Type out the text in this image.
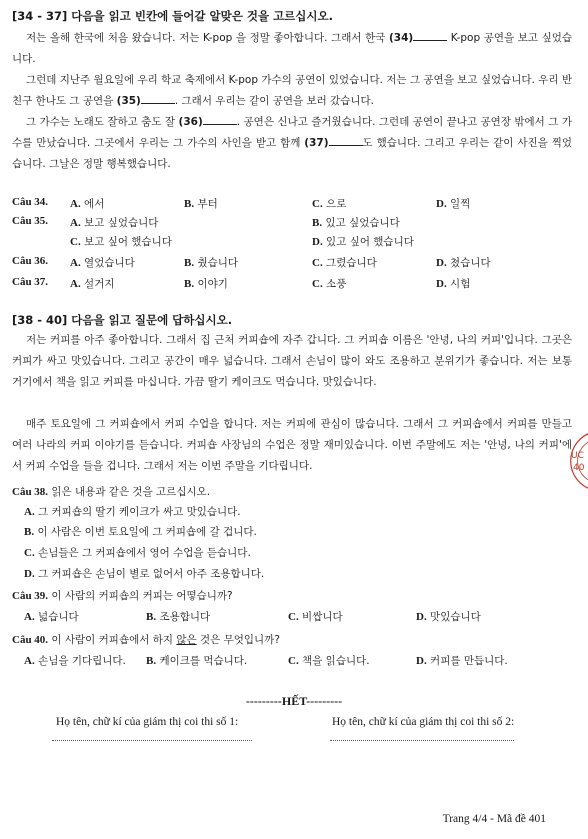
[34 - 37] 다음을 읽고 빈칸에 들어갈 알맞은 것을 고르십시오.
저는 올해 한국에 처음 왔습니다. 저는 K-pop 을 정말 좋아합니다. 그래서 한국 (34)	K-pop 공연을 보고 싶었습니다.
그런데 지난주 월요일에 우리 학교 축제에서 K-pop 가수의 공연이 있었습니다. 저는 그 공연을 보고 싶었습니다. 우리 반 친구 한나도 그 공연을 (35)	. 그래서 우리는 같이 공연을 보러 갔습니다.
그 가수는 노래도 잘하고 춤도 잘 (36)	. 공연은 신나고 즐거웠습니다. 그런데 공연이 끝나고 공연장 밖에서 그 가수를 만났습니다. 그곳에서 우리는 그 가수의 사인을 받고 함께 (37)	도 했습니다. 그리고 우리는 같이 사진을 찍었습니다. 그날은 정말 행복했습니다.
Câu 34. A. 에서	B. 부터	C. 으로	D. 일찍
Câu 35. A. 보고 싶었습니다	B. 있고 싶었습니다
C. 보고 싶어 했습니다	D. 있고 싶어 했습니다
Câu 36. A. 열었습니다	B. 췄습니다	C. 그렸습니다	D. 쳤습니다
Câu 37. A. 설거지	B. 이야기	C. 소풍	D. 시험
[38 - 40] 다음을 읽고 질문에 답하십시오.
저는 커피를 아주 좋아합니다. 그래서 집 근처 커피숍에 자주 갑니다. 그 커피숍 이름은 '안녕, 나의 커피'입니다. 그곳은 커피가 싸고 맛있습니다. 그리고 공간이 매우 넓습니다. 그래서 손님이 많이 와도 조용하고 분위기가 좋습니다. 저는 보통 거기에서 책을 읽고 커피를 마십니다. 가끔 딸기 케이크도 먹습니다. 맛있습니다.
매주 토요일에 그 커피숍에서 커피 수업을 합니다. 저는 커피에 관심이 많습니다. 그래서 그 커피숍에서 커피를 만들고 여러 나라의 커피 이야기를 듣습니다. 커피숍 사장님의 수업은 정말 재미있습니다. 이번 주말에도 저는 '안녕, 나의 커피'에서 커피 수업을 들을 겁니다. 그래서 저는 이번 주말을 기다립니다.
Câu 38. 읽은 내용과 같은 것을 고르십시오.
A. 그 커피숍의 딸기 케이크가 싸고 맛있습니다.
B. 이 사람은 이번 토요일에 그 커피숍에 갈 겁니다.
C. 손님들은 그 커피숍에서 영어 수업을 듣습니다.
D. 그 커피숍은 손님이 별로 없어서 아주 조용합니다.
Câu 39. 이 사람의 커피숍의 커피는 어떻습니까?
A. 넓습니다	B. 조용합니다	C. 비쌉니다	D. 맛있습니다
Câu 40. 이 사람이 커피숍에서 하지 않은 것은 무엇입니까?
A. 손님을 기다립니다. B. 케이크를 먹습니다.	C. 책을 읽습니다.	D. 커피를 만듭니다.
---------HẾT---------
Họ tên, chữ kí của giám thị coi thi số 1:	Họ tên, chữ kí của giám thị coi thi số 2:
Trang 4/4 - Mã đề 401
UC
40
